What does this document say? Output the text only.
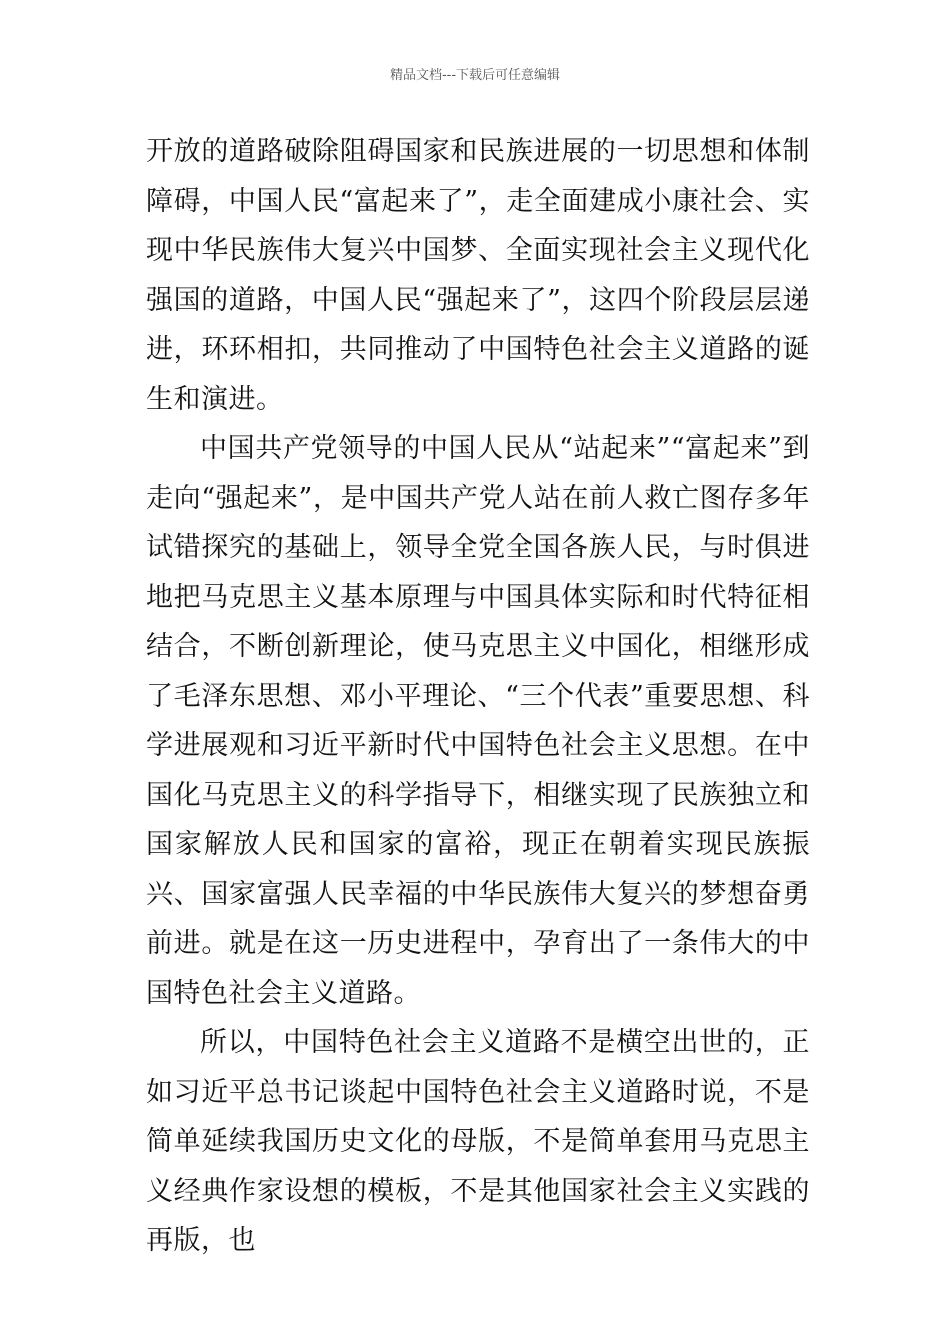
精品文档---下载后可任意编辑

开放的道路破除阻碍国家和民族进展的一切思想和体制障碍，中国人民“富起来了”，走全面建成小康社会、实现中华民族伟大复兴中国梦、全面实现社会主义现代化强国的道路，中国人民“强起来了”，这四个阶段层层递进，环环相扣，共同推动了中国特色社会主义道路的诞生和演进。

中国共产党领导的中国人民从“站起来”“富起来”到走向“强起来”，是中国共产党人站在前人救亡图存多年试错探究的基础上，领导全党全国各族人民，与时俱进地把马克思主义基本原理与中国具体实际和时代特征相结合，不断创新理论，使马克思主义中国化，相继形成了毛泽东思想、邓小平理论、“三个代表”重要思想、科学进展观和习近平新时代中国特色社会主义思想。在中国化马克思主义的科学指导下，相继实现了民族独立和国家解放人民和国家的富裕，现正在朝着实现民族振兴、国家富强人民幸福的中华民族伟大复兴的梦想奋勇前进。就是在这一历史进程中，孕育出了一条伟大的中国特色社会主义道路。

所以，中国特色社会主义道路不是横空出世的，正如习近平总书记谈起中国特色社会主义道路时说，不是简单延续我国历史文化的母版，不是简单套用马克思主义经典作家设想的模板，不是其他国家社会主义实践的再版，也
